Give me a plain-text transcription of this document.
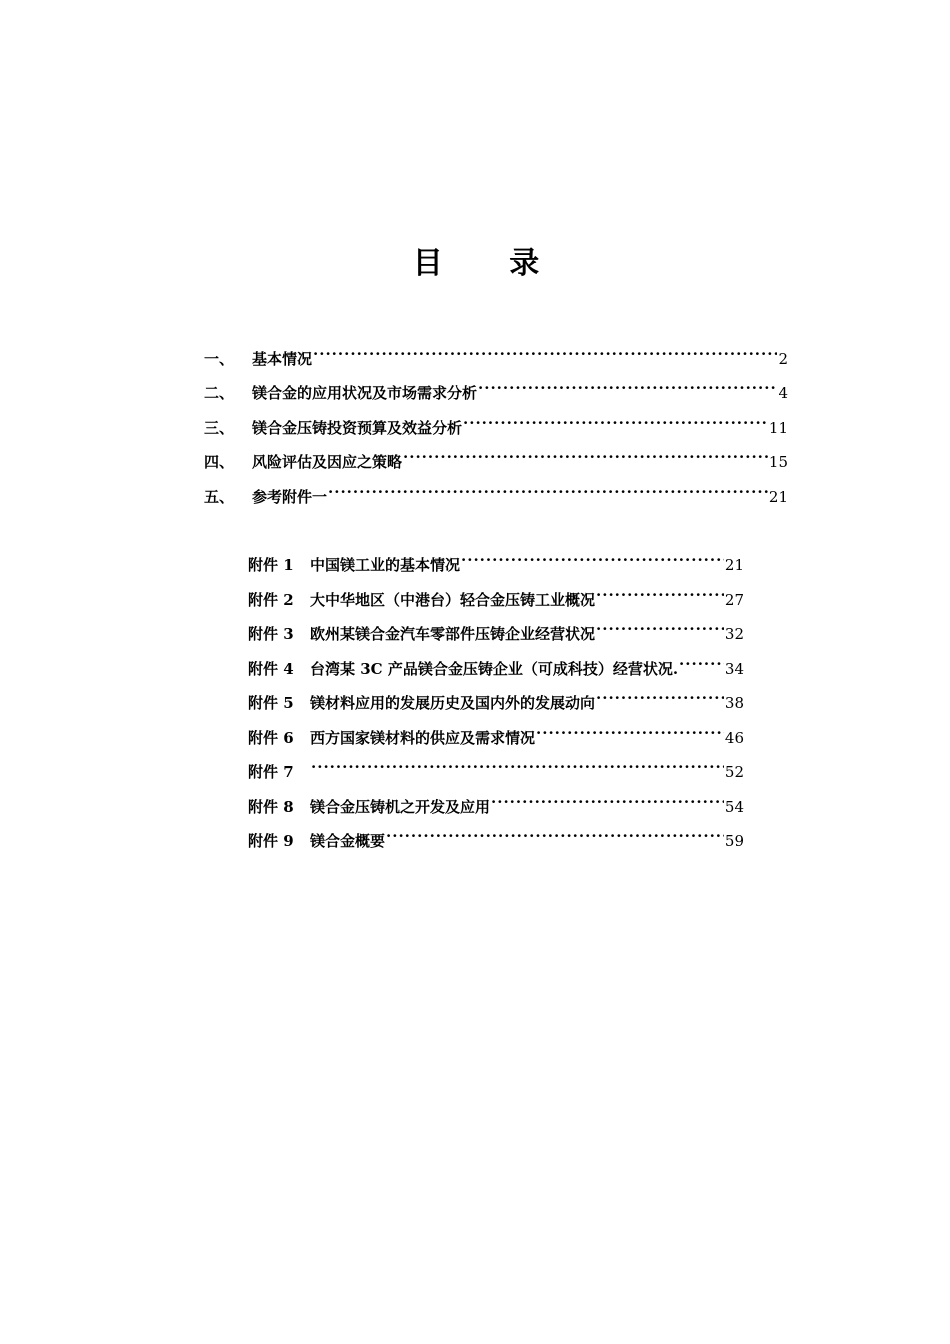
目 录
一、	基本情况 ·····	2
二、	镁合金的应用状况及市场需求分析 ·····	4
三、	镁合金压铸投资预算及效益分析 ·····	11
四、	风险评估及因应之策略 ·····	15
五、	参考附件一 ·····	21
附件 1	中国镁工业的基本情况 ·····	21
附件 2	大中华地区（中港台）轻合金压铸工业概况 ·····	27
附件 3	欧州某镁合金汽车零部件压铸企业经营状况 ·····	32
附件 4	台湾某 3C 产品镁合金压铸企业（可成科技）经营状况. ·····	34
附件 5	镁材料应用的发展历史及国内外的发展动向 ·····	38
附件 6	西方国家镁材料的供应及需求情况 ·····	46
附件 7 ·····	52
附件 8	镁合金压铸机之开发及应用 ·····	54
附件 9	镁合金概要 ·····	59
